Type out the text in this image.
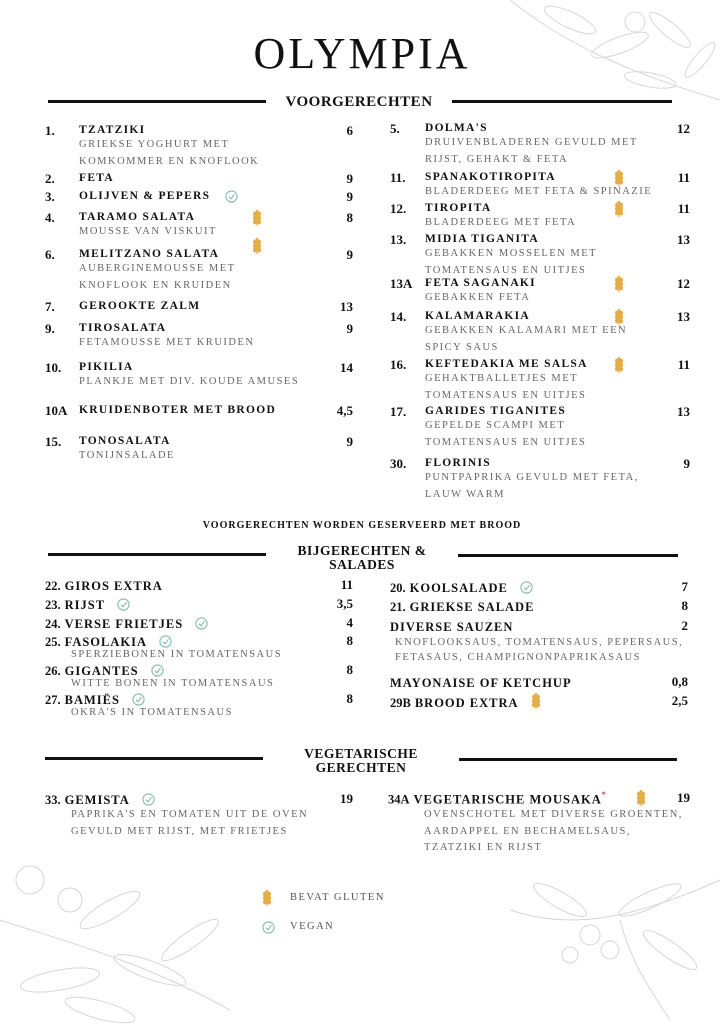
OLYMPIA
VOORGERECHTEN
1. TZATZIKI	6
GRIEKSE YOGHURT MET
KOMKOMMER EN KNOFLOOK
2. FETA	9
3. OLIJVEN & PEPERS	9
4. TARAMO SALATA	8
MOUSSE VAN VISKUIT
6. MELITZANO SALATA	9
AUBERGINEMOUSSE MET
KNOFLOOK EN KRUIDEN
7. GEROOKTE ZALM	13
9. TIROSALATA	9
FETAMOUSSE MET KRUIDEN
10. PIKILIA	14
PLANKJE MET DIV. KOUDE AMUSES
10A KRUIDENBOTER MET BROOD	4,5
15. TONOSALATA	9
TONIJNSALADE
5. DOLMA'S	12
DRUIVENBLADEREN GEVULD MET
RIJST, GEHAKT & FETA
11. SPANAKOTIROPITA	11
BLADERDEEG MET FETA & SPINAZIE
12. TIROPITA	11
BLADERDEEG MET FETA
13. MIDIA TIGANITA	13
GEBAKKEN MOSSELEN MET
TOMATENSAUS EN UITJES
13A FETA SAGANAKI	12
GEBAKKEN FETA
14. KALAMARAKIA	13
GEBAKKEN KALAMARI MET EEN
SPICY SAUS
16. KEFTEDAKIA ME SALSA	11
GEHAKTBALLETJES MET
TOMATENSAUS EN UITJES
17. GARIDES TIGANITES	13
GEPELDE SCAMPI MET
TOMATENSAUS EN UITJES
30. FLORINIS	9
PUNTPAPRIKA GEVULD MET FETA,
LAUW WARM
VOORGERECHTEN WORDEN GESERVEERD MET BROOD
BIJGERECHTEN &
SALADES
22. GIROS EXTRA	11
23. RIJST	3,5
24. VERSE FRIETJES	4
25. FASOLAKIA	8
SPERZIEBONEN IN TOMATENSAUS
26. GIGANTES	8
WITTE BONEN IN TOMATENSAUS
27. BAMIËS	8
OKRA'S IN TOMATENSAUS
20. KOOLSALADE	7
21. GRIEKSE SALADE	8
DIVERSE SAUZEN	2
KNOFLOOKSAUS, TOMATENSAUS, PEPERSAUS,
FETASAUS, CHAMPIGNONPAPRIKASAUS
MAYONAISE OF KETCHUP	0,8
29B BROOD EXTRA	2,5
VEGETARISCHE
GERECHTEN
33. GEMISTA	19
PAPRIKA'S EN TOMATEN UIT DE OVEN
GEVULD MET RIJST, MET FRIETJES
34A VEGETARISCHE MOUSAKA*	19
OVENSCHOTEL MET DIVERSE GROENTEN,
AARDAPPEL EN BECHAMELSAUS,
TZATZIKI EN RIJST
BEVAT GLUTEN
VEGAN
